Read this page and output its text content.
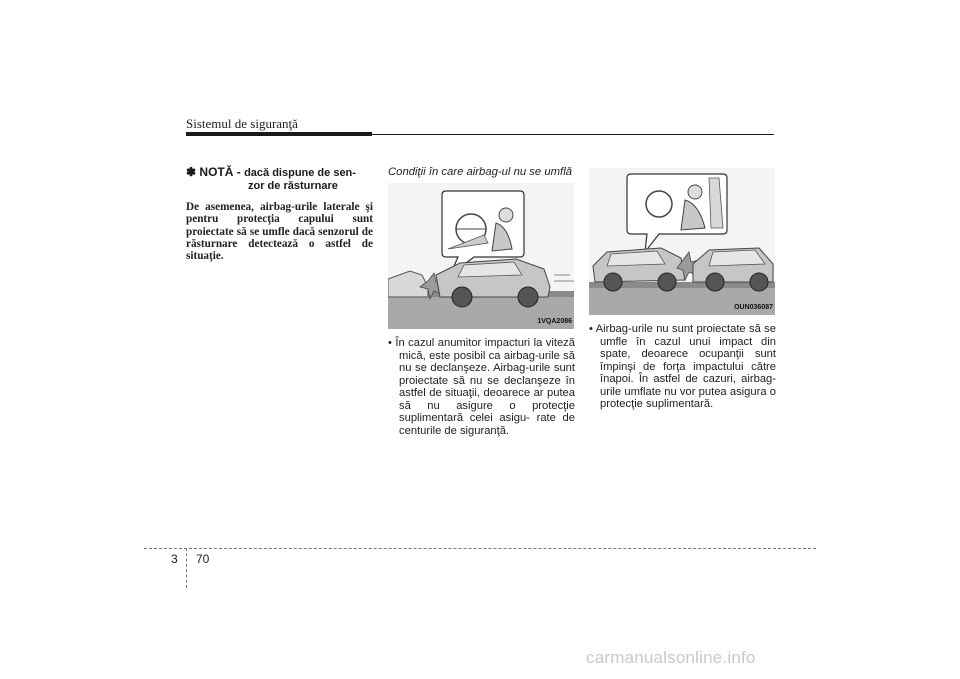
Sistemul de siguranţă
✽ NOTĂ - dacă dispune de sen-
zor de răsturnare
De asemenea, airbag-urile laterale şi pentru protecţia capului sunt proiectate să se umfle dacă senzorul de răsturnare detectează o astfel de situaţie.
Condiţii în care airbag-ul nu se umflă
1VQA2086
• În cazul anumitor impacturi la viteză mică, este posibil ca airbag-urile să nu se declanşeze. Airbag-urile sunt proiectate să nu se declanşeze în astfel de situaţii, deoarece ar putea să nu asigure o protecţie suplimentară celei asigu- rate de centurile de siguranţă.
OUN036087
• Airbag-urile nu sunt proiectate să se umfle în cazul unui impact din spate, deoarece ocupanţii sunt împinşi de forţa impactului către înapoi. În astfel de cazuri, airbag-urile umflate nu vor putea asigura o protecţie suplimentară.
3 70
carmanualsonline.info
